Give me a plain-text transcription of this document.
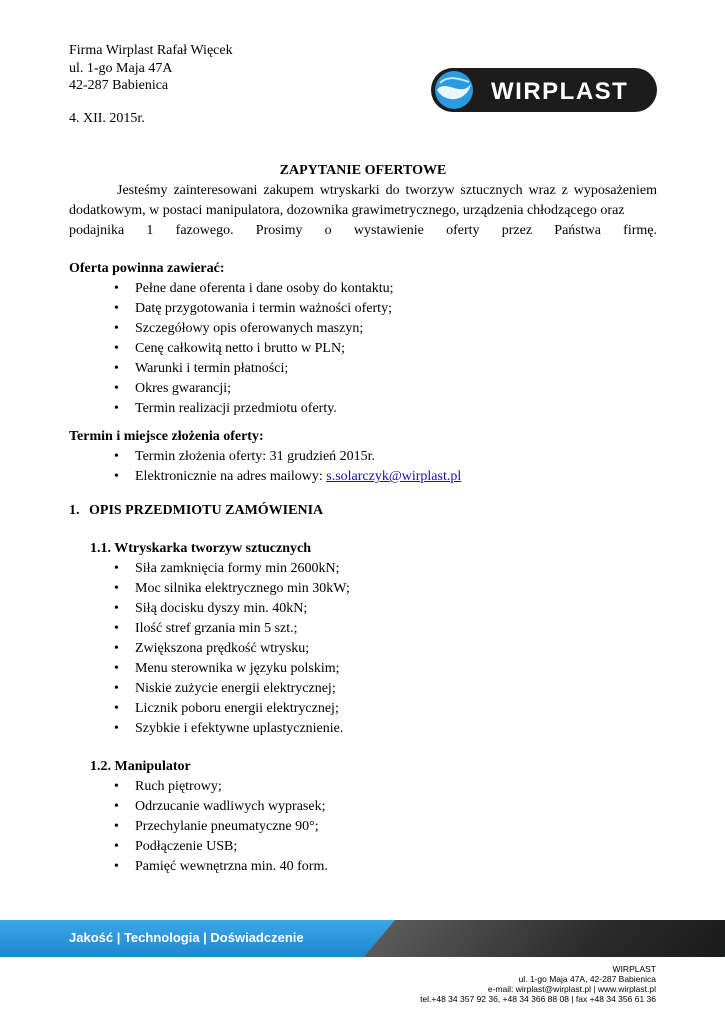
Firma Wirplast Rafał Więcek
ul. 1-go Maja 47A
42-287 Babienica	WIRPLAST
4. XII. 2015r.

ZAPYTANIE OFERTOWE

Jesteśmy zainteresowani zakupem wtryskarki do tworzyw sztucznych wraz z wyposażeniem dodatkowym, w postaci manipulatora, dozownika grawimetrycznego, urządzenia chłodzącego oraz
podajnika 1 fazowego. Prosimy o wystawienie oferty przez Państwa firmę.

Oferta powinna zawierać:
• Pełne dane oferenta i dane osoby do kontaktu;
• Datę przygotowania i termin ważności oferty;
• Szczegółowy opis oferowanych maszyn;
• Cenę całkowitą netto i brutto w PLN;
• Warunki i termin płatności;
• Okres gwarancji;
• Termin realizacji przedmiotu oferty.
Termin i miejsce złożenia oferty:
• Termin złożenia oferty: 31 grudzień 2015r.
• Elektronicznie na adres mailowy: s.solarczyk@wirplast.pl

1. OPIS PRZEDMIOTU ZAMÓWIENIA

1.1. Wtryskarka tworzyw sztucznych

• Siła zamknięcia formy min 2600kN;
• Moc silnika elektrycznego min 30kW;
• Siłą docisku dyszy min. 40kN;
• Ilość stref grzania min 5 szt.;
• Zwiększona prędkość wtrysku;
• Menu sterownika w języku polskim;
• Niskie zużycie energii elektrycznej;
• Licznik poboru energii elektrycznej;
• Szybkie i efektywne uplastycznienie.

1.2. Manipulator

• Ruch piętrowy;
• Odrzucanie wadliwych wyprasek;
• Przechylanie pneumatyczne 90°;
• Podłączenie USB;
• Pamięć wewnętrzna min. 40 form.
Jakość | Technologia | Doświadczenie
WIRPLAST
ul. 1-go Maja 47A, 42-287 Babienica
e-mail: wirplast@wirplast.pl | www.wirplast.pl
tel.+48 34 357 92 36, +48 34 366 88 08 | fax +48 34 356 61 36
